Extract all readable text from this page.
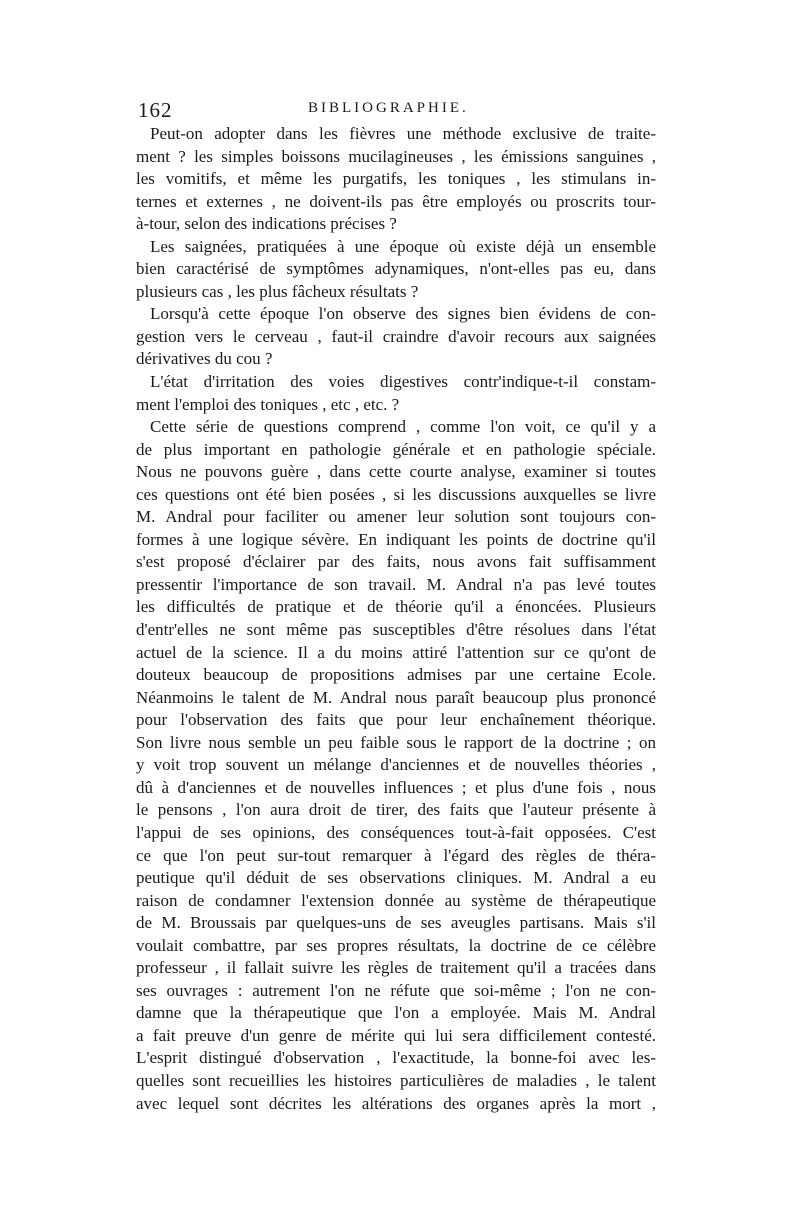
162	BIBLIOGRAPHIE.
Peut-on adopter dans les fièvres une méthode exclusive de traite-
ment ? les simples boissons mucilagineuses , les émissions sanguines ,
les vomitifs, et même les purgatifs, les toniques , les stimulans in-
ternes et externes , ne doivent-ils pas être employés ou proscrits tour-
à-tour, selon des indications précises ?
Les saignées, pratiquées à une époque où existe déjà un ensemble
bien caractérisé de symptômes adynamiques, n'ont-elles pas eu, dans
plusieurs cas , les plus fâcheux résultats ?
Lorsqu'à cette époque l'on observe des signes bien évidens de con-
gestion vers le cerveau , faut-il craindre d'avoir recours aux saignées
dérivatives du cou ?
L'état d'irritation des voies digestives contr'indique-t-il constam-
ment l'emploi des toniques , etc , etc. ?
Cette série de questions comprend , comme l'on voit, ce qu'il y a
de plus important en pathologie générale et en pathologie spéciale.
Nous ne pouvons guère , dans cette courte analyse, examiner si toutes
ces questions ont été bien posées , si les discussions auxquelles se livre
M. Andral pour faciliter ou amener leur solution sont toujours con-
formes à une logique sévère. En indiquant les points de doctrine qu'il
s'est proposé d'éclairer par des faits, nous avons fait suffisamment
pressentir l'importance de son travail. M. Andral n'a pas levé toutes
les difficultés de pratique et de théorie qu'il a énoncées. Plusieurs
d'entr'elles ne sont même pas susceptibles d'être résolues dans l'état
actuel de la science. Il a du moins attiré l'attention sur ce qu'ont de
douteux beaucoup de propositions admises par une certaine Ecole.
Néanmoins le talent de M. Andral nous paraît beaucoup plus prononcé
pour l'observation des faits que pour leur enchaînement théorique.
Son livre nous semble un peu faible sous le rapport de la doctrine ; on
y voit trop souvent un mélange d'anciennes et de nouvelles théories ,
dû à d'anciennes et de nouvelles influences ; et plus d'une fois , nous
le pensons , l'on aura droit de tirer, des faits que l'auteur présente à
l'appui de ses opinions, des conséquences tout-à-fait opposées. C'est
ce que l'on peut sur-tout remarquer à l'égard des règles de théra-
peutique qu'il déduit de ses observations cliniques. M. Andral a eu
raison de condamner l'extension donnée au système de thérapeutique
de M. Broussais par quelques-uns de ses aveugles partisans. Mais s'il
voulait combattre, par ses propres résultats, la doctrine de ce célèbre
professeur , il fallait suivre les règles de traitement qu'il a tracées dans
ses ouvrages : autrement l'on ne réfute que soi-même ; l'on ne con-
damne que la thérapeutique que l'on a employée. Mais M. Andral
a fait preuve d'un genre de mérite qui lui sera difficilement contesté.
L'esprit distingué d'observation , l'exactitude, la bonne-foi avec les-
quelles sont recueillies les histoires particulières de maladies , le talent
avec lequel sont décrites les altérations des organes après la mort ,
